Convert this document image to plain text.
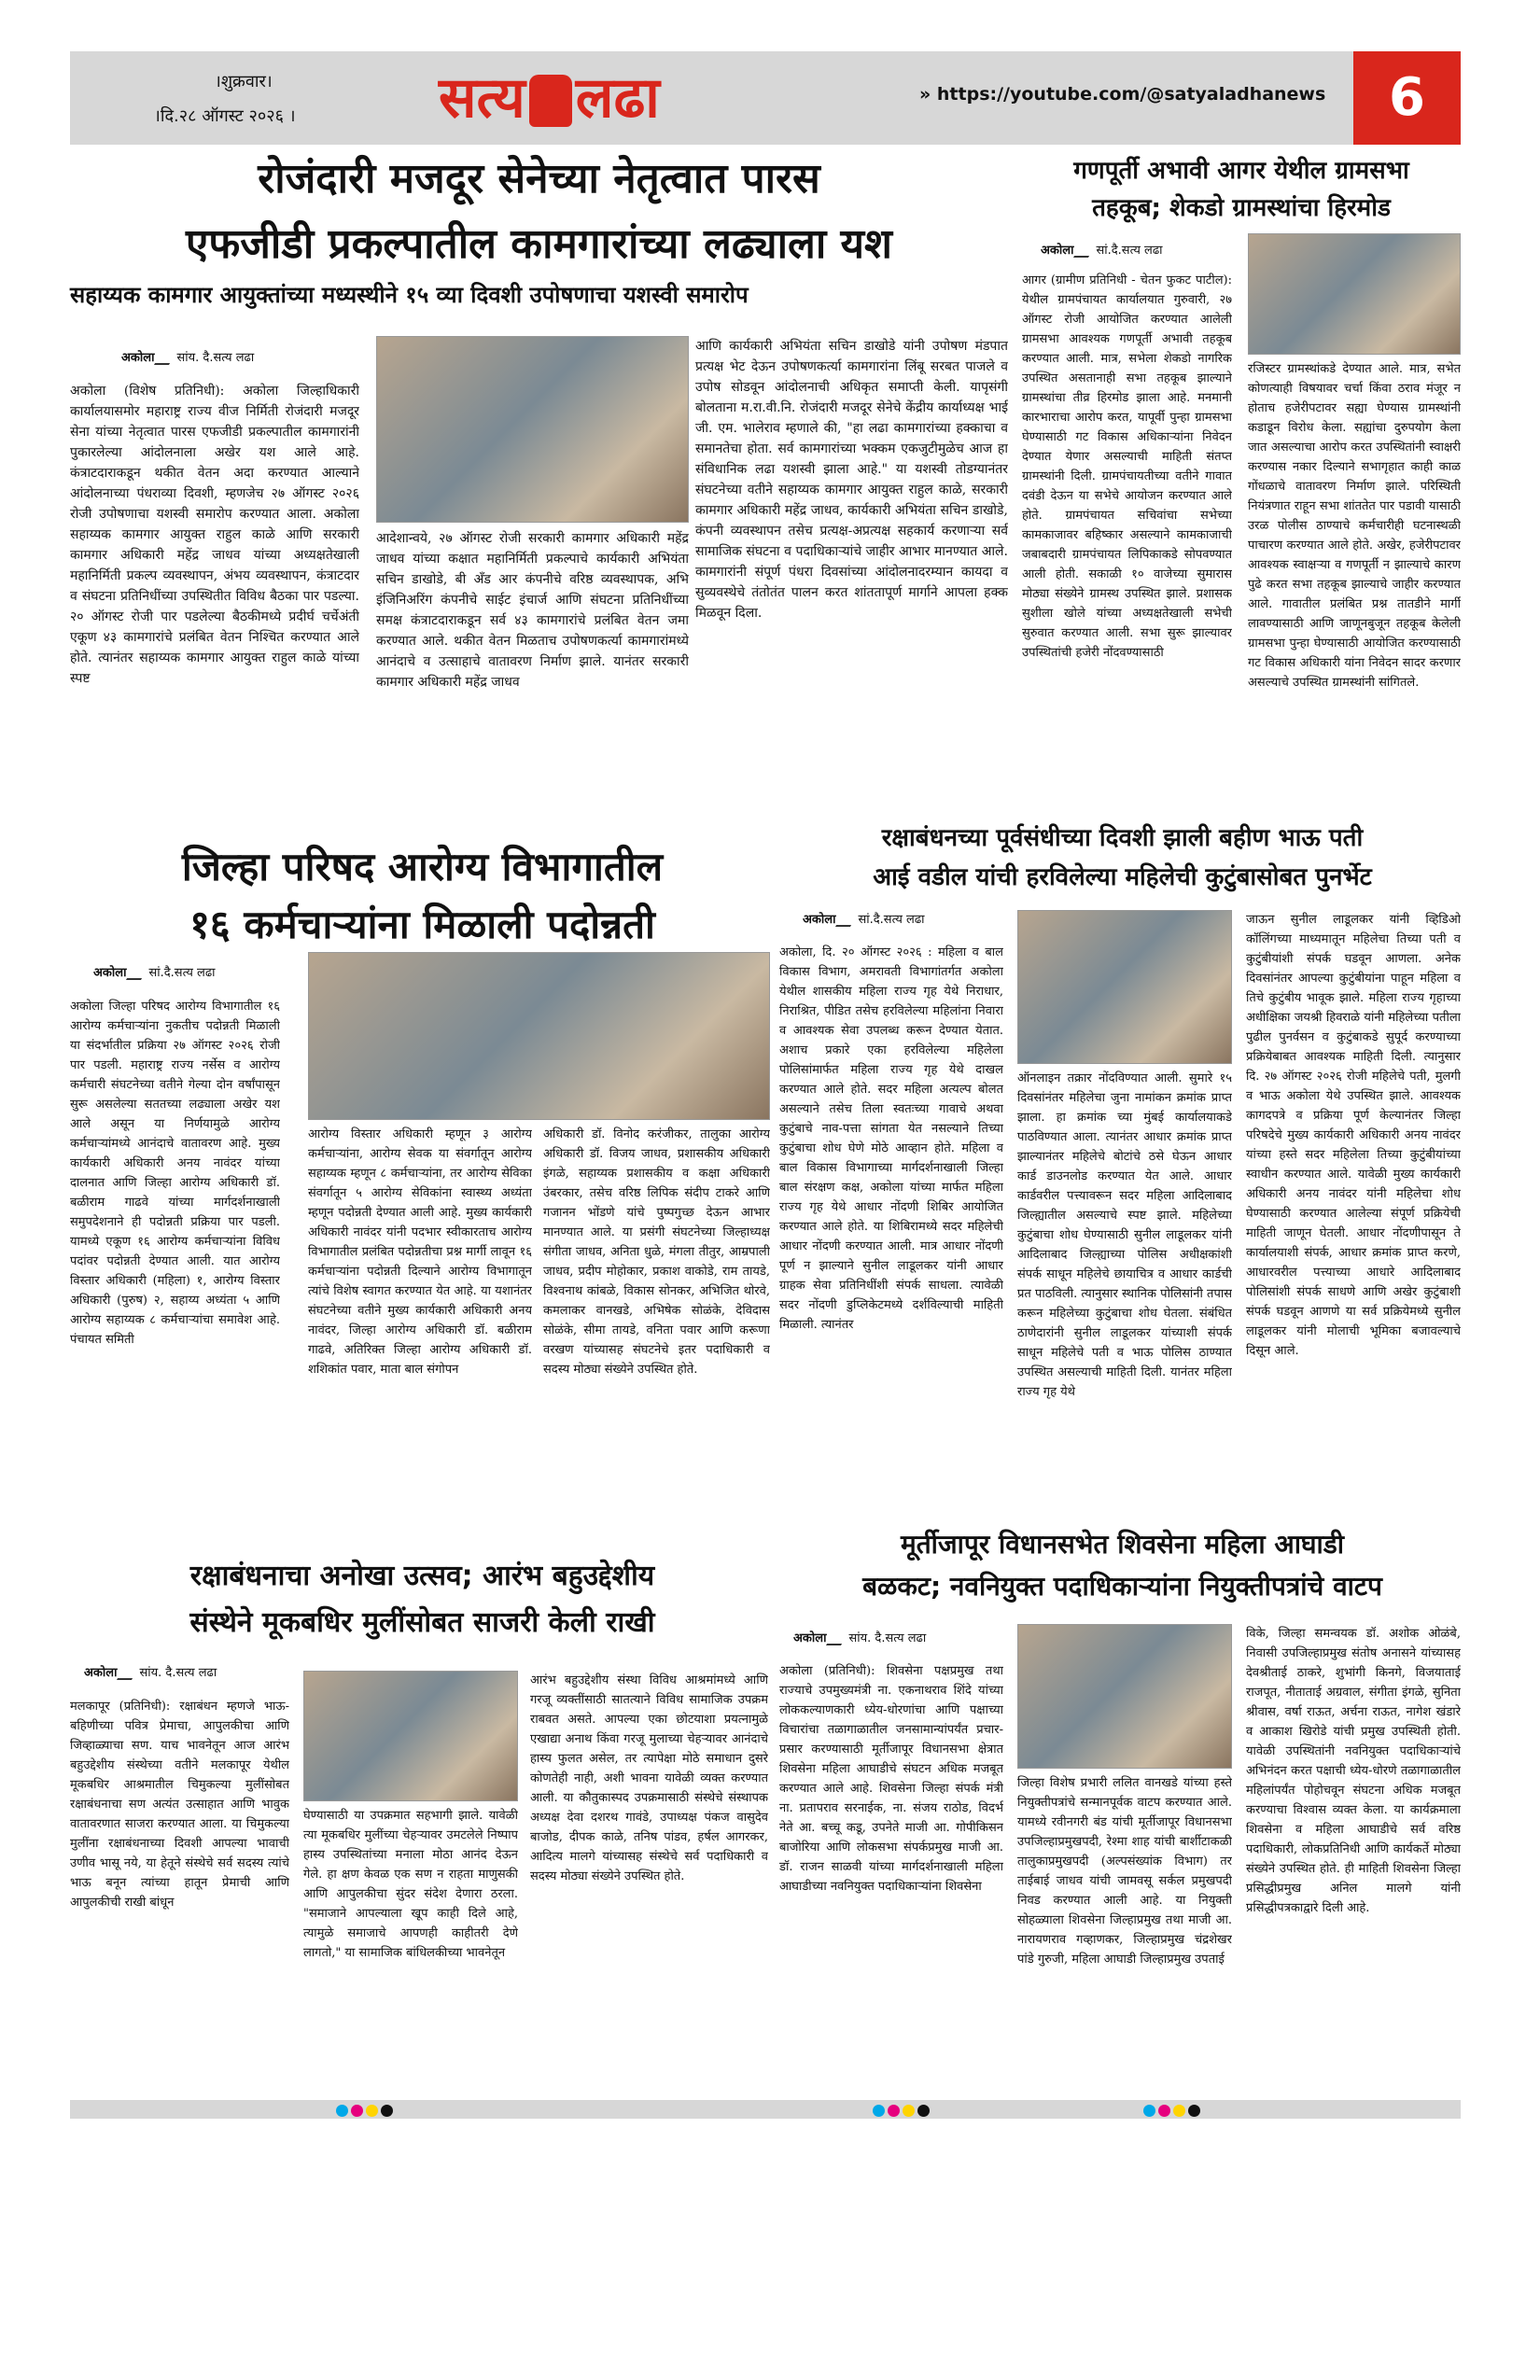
।शुक्रवार।
।दि.२८ ऑगस्ट २०२६ ।	सत्य लढा	» https://youtube.com/@satyaladhanews	6
रोजंदारी मजदूर सेनेच्या नेतृत्वात पारस
एफजीडी प्रकल्पातील कामगारांच्या लढ्याला यश
सहाय्यक कामगार आयुक्तांच्या मध्यस्थीने १५ व्या दिवशी उपोषणाचा यशस्वी समारोप
अकोला सांय. दै.सत्य लढा
अकोला (विशेष प्रतिनिधी): अकोला जिल्हाधिकारी कार्यालयासमोर महाराष्ट्र राज्य वीज निर्मिती रोजंदारी मजदूर सेना यांच्या नेतृत्वात पारस एफजीडी प्रकल्पातील कामगारांनी पुकारलेल्या आंदोलनाला अखेर यश आले आहे. कंत्राटदाराकडून थकीत वेतन अदा करण्यात आल्याने आंदोलनाच्या पंधराव्या दिवशी, म्हणजेच २७ ऑगस्ट २०२६ रोजी उपोषणाचा यशस्वी समारोप करण्यात आला. अकोला सहाय्यक कामगार आयुक्त राहुल काळे आणि सरकारी कामगार अधिकारी महेंद्र जाधव यांच्या अध्यक्षतेखाली महानिर्मिती प्रकल्प व्यवस्थापन, अंभय व्यवस्थापन, कंत्राटदार व संघटना प्रतिनिधींच्या उपस्थितीत विविध बैठका पार पडल्या. २० ऑगस्ट रोजी पार पडलेल्या बैठकीमध्ये प्रदीर्घ चर्चेअंती एकूण ४३ कामगारांचे प्रलंबित वेतन निश्चित करण्यात आले होते. त्यानंतर सहाय्यक कामगार आयुक्त राहुल काळे यांच्या स्पष्ट
आदेशान्वये, २७ ऑगस्ट रोजी सरकारी कामगार अधिकारी महेंद्र जाधव यांच्या कक्षात महानिर्मिती प्रकल्पाचे कार्यकारी अभियंता सचिन डाखोडे, बी अँड आर कंपनीचे वरिष्ठ व्यवस्थापक, अभि इंजिनिअरिंग कंपनीचे साईट इंचार्ज आणि संघटना प्रतिनिधींच्या समक्ष कंत्राटदाराकडून सर्व ४३ कामगारांचे प्रलंबित वेतन जमा करण्यात आले. थकीत वेतन मिळताच उपोषणकर्त्या कामगारांमध्ये आनंदाचे व उत्साहाचे वातावरण निर्माण झाले. यानंतर सरकारी कामगार अधिकारी महेंद्र जाधव
आणि कार्यकारी अभियंता सचिन डाखोडे यांनी उपोषण मंडपात प्रत्यक्ष भेट देऊन उपोषणकर्त्या कामगारांना लिंबू सरबत पाजले व उपोष सोडवून आंदोलनाची अधिकृत समाप्ती केली. यापृसंगी बोलताना म.रा.वी.नि. रोजंदारी मजदूर सेनेचे केंद्रीय कार्याध्यक्ष भाई जी. एम. भालेराव म्हणाले की, "हा लढा कामगारांच्या हक्काचा व समानतेचा होता. सर्व कामगारांच्या भक्कम एकजुटीमुळेच आज हा संविधानिक लढा यशस्वी झाला आहे." या यशस्वी तोडग्यानंतर संघटनेच्या वतीने सहाय्यक कामगार आयुक्त राहुल काळे, सरकारी कामगार अधिकारी महेंद्र जाधव, कार्यकारी अभियंता सचिन डाखोडे, कंपनी व्यवस्थापन तसेच प्रत्यक्ष-अप्रत्यक्ष सहकार्य करणाऱ्या सर्व सामाजिक संघटना व पदाधिकाऱ्यांचे जाहीर आभार मानण्यात आले. कामगारांनी संपूर्ण पंधरा दिवसांच्या आंदोलनादरम्यान कायदा व सुव्यवस्थेचे तंतोतंत पालन करत शांततापूर्ण मार्गाने आपला हक्क मिळवून दिला.
गणपूर्ती अभावी आगर येथील ग्रामसभा
तहकूब; शेकडो ग्रामस्थांचा हिरमोड
अकोला सां.दै.सत्य लढा
आगर (ग्रामीण प्रतिनिधी - चेतन फुकट पाटील): येथील ग्रामपंचायत कार्यालयात गुरुवारी, २७ ऑगस्ट रोजी आयोजित करण्यात आलेली ग्रामसभा आवश्यक गणपूर्ती अभावी तहकूब करण्यात आली. मात्र, सभेला शेकडो नागरिक उपस्थित असतानाही सभा तहकूब झाल्याने ग्रामस्थांचा तीव्र हिरमोड झाला आहे. मनमानी कारभाराचा आरोप करत, यापूर्वी पुन्हा ग्रामसभा घेण्यासाठी गट विकास अधिकाऱ्यांना निवेदन देण्यात येणार असल्याची माहिती संतप्त ग्रामस्थांनी दिली. ग्रामपंचायतीच्या वतीने गावात दवंडी देऊन या सभेचे आयोजन करण्यात आले होते. ग्रामपंचायत सचिवांचा सभेच्या कामकाजावर बहिष्कार असल्याने कामकाजाची जबाबदारी ग्रामपंचायत लिपिकाकडे सोपवण्यात आली होती. सकाळी १० वाजेच्या सुमारास मोठ्या संख्येने ग्रामस्थ उपस्थित झाले. प्रशासक सुशीला खोले यांच्या अध्यक्षतेखाली सभेची सुरुवात करण्यात आली. सभा सुरू झाल्यावर उपस्थितांची हजेरी नोंदवण्यासाठी
रजिस्टर ग्रामस्थांकडे देण्यात आले. मात्र, सभेत कोणत्याही विषयावर चर्चा किंवा ठराव मंजूर न होताच हजेरीपटावर सह्या घेण्यास ग्रामस्थांनी कडाडून विरोध केला. सह्यांचा दुरुपयोग केला जात असल्याचा आरोप करत उपस्थितांनी स्वाक्षरी करण्यास नकार दिल्याने सभागृहात काही काळ गोंधळाचे वातावरण निर्माण झाले. परिस्थिती नियंत्रणात राहून सभा शांततेत पार पडावी यासाठी उरळ पोलीस ठाण्याचे कर्मचारीही घटनास्थळी पाचारण करण्यात आले होते. अखेर, हजेरीपटावर आवश्यक स्वाक्षऱ्या व गणपूर्ती न झाल्याचे कारण पुढे करत सभा तहकूब झाल्याचे जाहीर करण्यात आले. गावातील प्रलंबित प्रश्न तातडीने मार्गी लावण्यासाठी आणि जाणूनबुजून तहकूब केलेली ग्रामसभा पुन्हा घेण्यासाठी आयोजित करण्यासाठी गट विकास अधिकारी यांना निवेदन सादर करणार असल्याचे उपस्थित ग्रामस्थांनी सांगितले.
जिल्हा परिषद आरोग्य विभागातील
१६ कर्मचाऱ्यांना मिळाली पदोन्नती
अकोला सां.दै.सत्य लढा
अकोला जिल्हा परिषद आरोग्य विभागातील १६ आरोग्य कर्मचाऱ्यांना नुकतीच पदोन्नती मिळाली या संदर्भातील प्रक्रिया २७ ऑगस्ट २०२६ रोजी पार पडली. महाराष्ट्र राज्य नर्सेस व आरोग्य कर्मचारी संघटनेच्या वतीने गेल्या दोन वर्षांपासून सुरू असलेल्या सततच्या लढ्याला अखेर यश आले असून या निर्णयामुळे आरोग्य कर्मचाऱ्यांमध्ये आनंदाचे वातावरण आहे. मुख्य कार्यकारी अधिकारी अनय नावंदर यांच्या दालनात आणि जिल्हा आरोग्य अधिकारी डॉ. बळीराम गाढवे यांच्या मार्गदर्शनाखाली समुपदेशनाने ही पदोन्नती प्रक्रिया पार पडली. यामध्ये एकूण १६ आरोग्य कर्मचाऱ्यांना विविध पदांवर पदोन्नती देण्यात आली. यात आरोग्य विस्तार अधिकारी (महिला) १, आरोग्य विस्तार अधिकारी (पुरुष) २, सहाय्य अध्यंता ५ आणि आरोग्य सहाय्यक ८ कर्मचाऱ्यांचा समावेश आहे. पंचायत समिती
आरोग्य विस्तार अधिकारी म्हणून ३ आरोग्य कर्मचाऱ्यांना, आरोग्य सेवक या संवर्गातून आरोग्य सहाय्यक म्हणून ८ कर्मचाऱ्यांना, तर आरोग्य सेविका संवर्गातून ५ आरोग्य सेविकांना स्वास्थ्य अध्यंता म्हणून पदोन्नती देण्यात आली आहे. मुख्य कार्यकारी अधिकारी नावंदर यांनी पदभार स्वीकारताच आरोग्य विभागातील प्रलंबित पदोन्नतीचा प्रश्न मार्गी लावून १६ कर्मचाऱ्यांना पदोन्नती दिल्याने आरोग्य विभागातून त्यांचे विशेष स्वागत करण्यात येत आहे. या यशानंतर संघटनेच्या वतीने मुख्य कार्यकारी अधिकारी अनय नावंदर, जिल्हा आरोग्य अधिकारी डॉ. बळीराम गाढवे, अतिरिक्त जिल्हा आरोग्य अधिकारी डॉ. शशिकांत पवार, माता बाल संगोपन
अधिकारी डॉ. विनोद करंजीकर, तालुका आरोग्य अधिकारी डॉ. विजय जाधव, प्रशासकीय अधिकारी इंगळे, सहाय्यक प्रशासकीय व कक्षा अधिकारी उंबरकार, तसेच वरिष्ठ लिपिक संदीप टाकरे आणि गजानन भोंडणे यांचे पुष्पगुच्छ देऊन आभार मानण्यात आले. या प्रसंगी संघटनेच्या जिल्हाध्यक्ष संगीता जाधव, अनिता धुळे, मंगला तीतुर, आम्रपाली जाधव, प्रदीप मोहोकार, प्रकाश वाकोडे, राम तायडे, विश्वनाथ कांबळे, विकास सोनकर, अभिजित थोरवे, कमलाकर वानखडे, अभिषेक सोळंके, देविदास सोळंके, सीमा तायडे, वनिता पवार आणि करूणा वरखण यांच्यासह संघटनेचे इतर पदाधिकारी व सदस्य मोठ्या संख्येने उपस्थित होते.
रक्षाबंधनच्या पूर्वसंधीच्या दिवशी झाली बहीण भाऊ पती
आई वडील यांची हरविलेल्या महिलेची कुटुंबासोबत पुनर्भेट
अकोला सां.दै.सत्य लढा
अकोला, दि. २० ऑगस्ट २०२६ : महिला व बाल विकास विभाग, अमरावती विभागांतर्गत अकोला येथील शासकीय महिला राज्य गृह येथे निराधार, निराश्रित, पीडित तसेच हरविलेल्या महिलांना निवारा व आवश्यक सेवा उपलब्ध करून देण्यात येतात. अशाच प्रकारे एका हरविलेल्या महिलेला पोलिसांमार्फत महिला राज्य गृह येथे दाखल करण्यात आले होते. सदर महिला अत्यल्प बोलत असल्याने तसेच तिला स्वतःच्या गावाचे अथवा कुटुंबाचे नाव-पत्ता सांगता येत नसल्याने तिच्या कुटुंबाचा शोध घेणे मोठे आव्हान होते. महिला व बाल विकास विभागाच्या मार्गदर्शनाखाली जिल्हा बाल संरक्षण कक्ष, अकोला यांच्या मार्फत महिला राज्य गृह येथे आधार नोंदणी शिबिर आयोजित करण्यात आले होते. या शिबिरामध्ये सदर महिलेची आधार नोंदणी करण्यात आली. मात्र आधार नोंदणी पूर्ण न झाल्याने सुनील लाडूलकर यांनी आधार ग्राहक सेवा प्रतिनिधींशी संपर्क साधला. त्यावेळी सदर नोंदणी डुप्लिकेटमध्ये दर्शविल्याची माहिती मिळाली. त्यानंतर
ऑनलाइन तक्रार नोंदविण्यात आली. सुमारे १५ दिवसांनंतर महिलेचा जुना नामांकन क्रमांक प्राप्त झाला. हा क्रमांक च्या मुंबई कार्यालयाकडे पाठविण्यात आला. त्यानंतर आधार क्रमांक प्राप्त झाल्यानंतर महिलेचे बोटांचे ठसे घेऊन आधार कार्ड डाउनलोड करण्यात येत आले. आधार कार्डवरील पत्त्यावरून सदर महिला आदिलाबाद जिल्ह्यातील असल्याचे स्पष्ट झाले. महिलेच्या कुटुंबाचा शोध घेण्यासाठी सुनील लाडूलकर यांनी आदिलाबाद जिल्ह्याच्या पोलिस अधीक्षकांशी संपर्क साधून महिलेचे छायाचित्र व आधार कार्डची प्रत पाठविली. त्यानुसार स्थानिक पोलिसांनी तपास करून महिलेच्या कुटुंबाचा शोध घेतला. संबंधित ठाणेदारांनी सुनील लाडूलकर यांच्याशी संपर्क साधून महिलेचे पती व भाऊ पोलिस ठाण्यात उपस्थित असल्याची माहिती दिली. यानंतर महिला राज्य गृह येथे
जाऊन सुनील लाडूलकर यांनी व्हिडिओ कॉलिंगच्या माध्यमातून महिलेचा तिच्या पती व कुटुंबीयांशी संपर्क घडवून आणला. अनेक दिवसांनंतर आपल्या कुटुंबीयांना पाहून महिला व तिचे कुटुंबीय भावूक झाले. महिला राज्य गृहाच्या अधीक्षिका जयश्री हिवराळे यांनी महिलेच्या पतीला पुढील पुनर्वसन व कुटुंबाकडे सुपूर्द करण्याच्या प्रक्रियेबाबत आवश्यक माहिती दिली. त्यानुसार दि. २७ ऑगस्ट २०२६ रोजी महिलेचे पती, मुलगी व भाऊ अकोला येथे उपस्थित झाले. आवश्यक कागदपत्रे व प्रक्रिया पूर्ण केल्यानंतर जिल्हा परिषदेचे मुख्य कार्यकारी अधिकारी अनय नावंदर यांच्या हस्ते सदर महिलेला तिच्या कुटुंबीयांच्या स्वाधीन करण्यात आले. यावेळी मुख्य कार्यकारी अधिकारी अनय नावंदर यांनी महिलेचा शोध घेण्यासाठी करण्यात आलेल्या संपूर्ण प्रक्रियेची माहिती जाणून घेतली. आधार नोंदणीपासून ते कार्यालयाशी संपर्क, आधार क्रमांक प्राप्त करणे, आधारवरील पत्त्याच्या आधारे आदिलाबाद पोलिसांशी संपर्क साधणे आणि अखेर कुटुंबाशी संपर्क घडवून आणणे या सर्व प्रक्रियेमध्ये सुनील लाडूलकर यांनी मोलाची भूमिका बजावल्याचे दिसून आले.
रक्षाबंधनाचा अनोखा उत्सव; आरंभ बहुउद्देशीय
संस्थेने मूकबधिर मुलींसोबत साजरी केली राखी
अकोला सांय. दै.सत्य लढा
मलकापूर (प्रतिनिधी): रक्षाबंधन म्हणजे भाऊ-बहिणीच्या पवित्र प्रेमाचा, आपुलकीचा आणि जिव्हाळ्याचा सण. याच भावनेतून आज आरंभ बहुउद्देशीय संस्थेच्या वतीने मलकापूर येथील मूकबधिर आश्रमातील चिमुकल्या मुलींसोबत रक्षाबंधनाचा सण अत्यंत उत्साहात आणि भावुक वातावरणात साजरा करण्यात आला. या चिमुकल्या मुलींना रक्षाबंधनाच्या दिवशी आपल्या भावाची उणीव भासू नये, या हेतूने संस्थेचे सर्व सदस्य त्यांचे भाऊ बनून त्यांच्या हातून प्रेमाची आणि आपुलकीची राखी बांधून
घेण्यासाठी या उपक्रमात सहभागी झाले. यावेळी त्या मूकबधिर मुलींच्या चेहऱ्यावर उमटलेले निष्पाप हास्य उपस्थितांच्या मनाला मोठा आनंद देऊन गेले. हा क्षण केवळ एक सण न राहता माणुसकी आणि आपुलकीचा सुंदर संदेश देणारा ठरला. "समाजाने आपल्याला खूप काही दिले आहे, त्यामुळे समाजाचे आपणही काहीतरी देणे लागतो," या सामाजिक बांधिलकीच्या भावनेतून
आरंभ बहुउद्देशीय संस्था विविध आश्रमांमध्ये आणि गरजू व्यक्तींसाठी सातत्याने विविध सामाजिक उपक्रम राबवत असते. आपल्या एका छोटयाशा प्रयत्नामुळे एखाद्या अनाथ किंवा गरजू मुलाच्या चेहऱ्यावर आनंदाचे हास्य फुलत असेल, तर त्यापेक्षा मोठे समाधान दुसरे कोणतेही नाही, अशी भावना यावेळी व्यक्त करण्यात आली. या कौतुकास्पद उपक्रमासाठी संस्थेचे संस्थापक अध्यक्ष देवा दशरथ गावंडे, उपाध्यक्ष पंकज वासुदेव बाजोड, दीपक काळे, तनिष पांडव, हर्षल आगरकर, आदित्य मालगे यांच्यासह संस्थेचे सर्व पदाधिकारी व सदस्य मोठ्या संख्येने उपस्थित होते.
मूर्तीजापूर विधानसभेत शिवसेना महिला आघाडी
बळकट; नवनियुक्त पदाधिकाऱ्यांना नियुक्तीपत्रांचे वाटप
अकोला सांय. दै.सत्य लढा
अकोला (प्रतिनिधी): शिवसेना पक्षप्रमुख तथा राज्याचे उपमुख्यमंत्री ना. एकनाथराव शिंदे यांच्या लोककल्याणकारी ध्येय-धोरणांचा आणि पक्षाच्या विचारांचा तळागाळातील जनसामान्यांपर्यंत प्रचार-प्रसार करण्यासाठी मूर्तीजापूर विधानसभा क्षेत्रात शिवसेना महिला आघाडीचे संघटन अधिक मजबूत करण्यात आले आहे. शिवसेना जिल्हा संपर्क मंत्री ना. प्रतापराव सरनाईक, ना. संजय राठोड, विदर्भ नेते आ. बच्चू कडू, उपनेते माजी आ. गोपीकिसन बाजोरिया आणि लोकसभा संपर्कप्रमुख माजी आ. डॉ. राजन साळवी यांच्या मार्गदर्शनाखाली महिला आघाडीच्या नवनियुक्त पदाधिकाऱ्यांना शिवसेना
जिल्हा विशेष प्रभारी ललित वानखडे यांच्या हस्ते नियुक्तीपत्रांचे सन्मानपूर्वक वाटप करण्यात आले. यामध्ये रवीनगरी बंड यांची मूर्तीजापूर विधानसभा उपजिल्हाप्रमुखपदी, रेश्मा शाह यांची बार्शीटाकळी तालुकाप्रमुखपदी (अल्पसंख्यांक विभाग) तर ताईबाई जाधव यांची जामवसू सर्कल प्रमुखपदी निवड करण्यात आली आहे. या नियुक्ती सोहळ्याला शिवसेना जिल्हाप्रमुख तथा माजी आ. नारायणराव गव्हाणकर, जिल्हाप्रमुख चंद्रशेखर पांडे गुरुजी, महिला आघाडी जिल्हाप्रमुख उपताई
विके, जिल्हा समन्वयक डॉ. अशोक ओळंबे, निवासी उपजिल्हाप्रमुख संतोष अनासने यांच्यासह देवश्रीताई ठाकरे, शुभांगी किनगे, विजयाताई राजपूत, नीताताई अग्रवाल, संगीता इंगळे, सुनिता श्रीवास, वर्षा राऊत, अर्चना राऊत, नागेश खंडारे व आकाश खिरोडे यांची प्रमुख उपस्थिती होती. यावेळी उपस्थितांनी नवनियुक्त पदाधिकाऱ्यांचे अभिनंदन करत पक्षाची ध्येय-धोरणे तळागाळातील महिलांपर्यंत पोहोचवून संघटना अधिक मजबूत करण्याचा विश्वास व्यक्त केला. या कार्यक्रमाला शिवसेना व महिला आघाडीचे सर्व वरिष्ठ पदाधिकारी, लोकप्रतिनिधी आणि कार्यकर्ते मोठ्या संख्येने उपस्थित होते. ही माहिती शिवसेना जिल्हा प्रसिद्धीप्रमुख अनिल मालगे यांनी प्रसिद्धीपत्रकाद्वारे दिली आहे.
